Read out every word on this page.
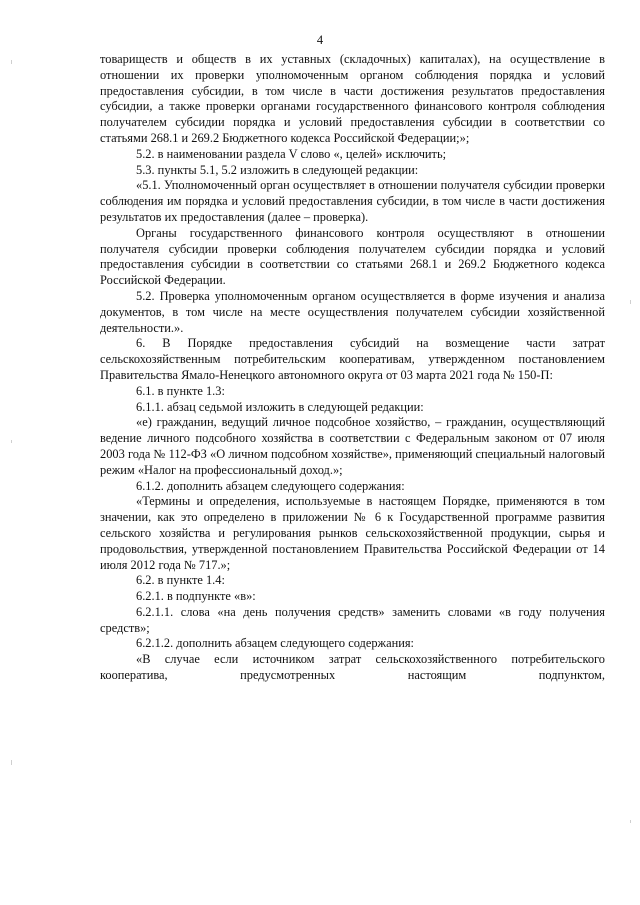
4

товариществ и обществ в их уставных (складочных) капиталах), на осуществление в отношении их проверки уполномоченным органом соблюдения порядка и условий предоставления субсидии, в том числе в части достижения результатов предоставления субсидии, а также проверки органами государственного финансового контроля соблюдения получателем субсидии порядка и условий предоставления субсидии в соответствии со статьями 268.1 и 269.2 Бюджетного кодекса Российской Федерации;»;

5.2. в наименовании раздела V слово «, целей» исключить;

5.3. пункты 5.1, 5.2 изложить в следующей редакции:

«5.1. Уполномоченный орган осуществляет в отношении получателя субсидии проверки соблюдения им порядка и условий предоставления субсидии, в том числе в части достижения результатов их предоставления (далее – проверка).

Органы государственного финансового контроля осуществляют в отношении получателя субсидии проверки соблюдения получателем субсидии порядка и условий предоставления субсидии в соответствии со статьями 268.1 и 269.2 Бюджетного кодекса Российской Федерации.

5.2. Проверка уполномоченным органом осуществляется в форме изучения и анализа документов, в том числе на месте осуществления получателем субсидии хозяйственной деятельности.».

6. В Порядке предоставления субсидий на возмещение части затрат сельскохозяйственным потребительским кооперативам, утвержденном постановлением Правительства Ямало-Ненецкого автономного округа от 03 марта 2021 года № 150-П:

6.1. в пункте 1.3:

6.1.1. абзац седьмой изложить в следующей редакции:

«е) гражданин, ведущий личное подсобное хозяйство, – гражданин, осуществляющий ведение личного подсобного хозяйства в соответствии с Федеральным законом от 07 июля 2003 года № 112-ФЗ «О личном подсобном хозяйстве», применяющий специальный налоговый режим «Налог на профессиональный доход.»;

6.1.2. дополнить абзацем следующего содержания:

«Термины и определения, используемые в настоящем Порядке, применяются в том значении, как это определено в приложении № 6 к Государственной программе развития сельского хозяйства и регулирования рынков сельскохозяйственной продукции, сырья и продовольствия, утвержденной постановлением Правительства Российской Федерации от 14 июля 2012 года № 717.»;

6.2. в пункте 1.4:

6.2.1. в подпункте «в»:

6.2.1.1. слова «на день получения средств» заменить словами «в году получения средств»;

6.2.1.2. дополнить абзацем следующего содержания:

«В случае если источником затрат сельскохозяйственного потребительского кооператива, предусмотренных настоящим подпунктом,
